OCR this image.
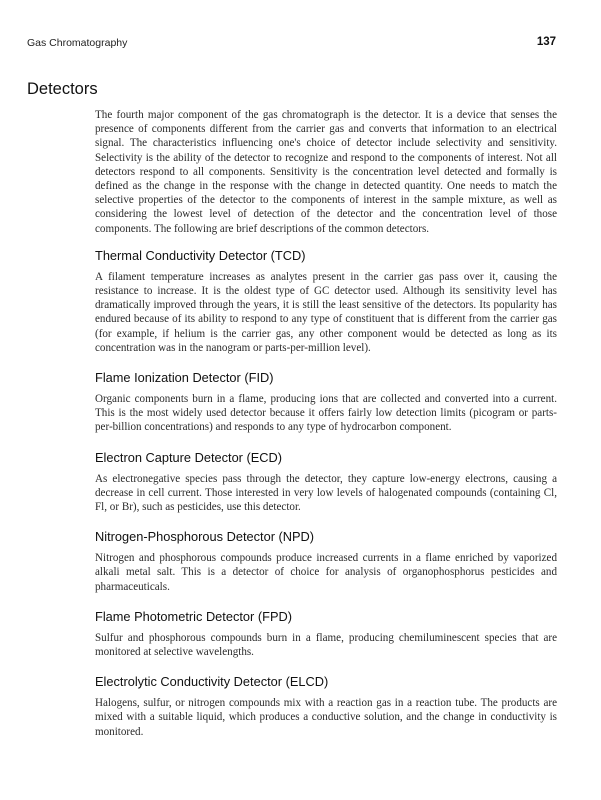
Gas Chromatography	137
Detectors

The fourth major component of the gas chromatograph is the detector. It is a device that senses the presence of components different from the carrier gas and converts that information to an electrical signal. The characteristics influencing one's choice of detector include selectivity and sensitivity. Selectivity is the ability of the detector to recognize and respond to the components of interest. Not all detectors respond to all components. Sensitivity is the concentration level detected and formally is defined as the change in the response with the change in detected quantity. One needs to match the selective properties of the detector to the components of interest in the sample mixture, as well as considering the lowest level of detection of the detector and the concentration level of those components. The following are brief descriptions of the common detectors.

Thermal Conductivity Detector (TCD)

A filament temperature increases as analytes present in the carrier gas pass over it, causing the resistance to increase. It is the oldest type of GC detector used. Although its sensitivity level has dramatically improved through the years, it is still the least sensitive of the detectors. Its popularity has endured because of its ability to respond to any type of constituent that is different from the carrier gas (for example, if helium is the carrier gas, any other component would be detected as long as its concentration was in the nanogram or parts-per-million level).

Flame Ionization Detector (FID)

Organic components burn in a flame, producing ions that are collected and converted into a current. This is the most widely used detector because it offers fairly low detection limits (picogram or parts-per-billion concentrations) and responds to any type of hydrocarbon component.

Electron Capture Detector (ECD)

As electronegative species pass through the detector, they capture low-energy electrons, causing a decrease in cell current. Those interested in very low levels of halogenated compounds (containing Cl, Fl, or Br), such as pesticides, use this detector.

Nitrogen-Phosphorous Detector (NPD)

Nitrogen and phosphorous compounds produce increased currents in a flame enriched by vaporized alkali metal salt. This is a detector of choice for analysis of organophosphorus pesticides and pharmaceuticals.

Flame Photometric Detector (FPD)

Sulfur and phosphorous compounds burn in a flame, producing chemiluminescent species that are monitored at selective wavelengths.

Electrolytic Conductivity Detector (ELCD)

Halogens, sulfur, or nitrogen compounds mix with a reaction gas in a reaction tube. The products are mixed with a suitable liquid, which produces a conductive solution, and the change in conductivity is monitored.
